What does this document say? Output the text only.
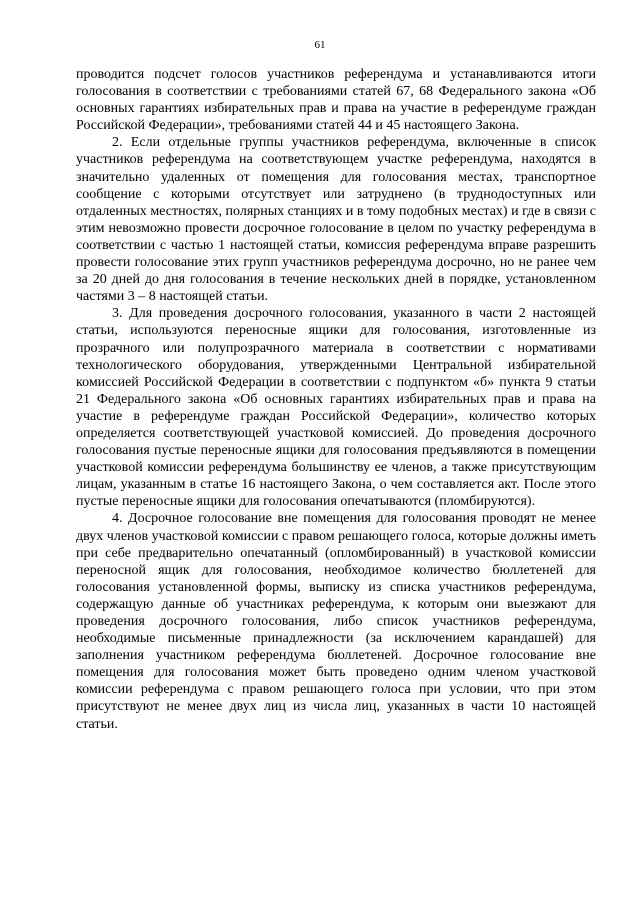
61

проводится подсчет голосов участников референдума и устанавливаются итоги голосования в соответствии с требованиями статей 67, 68 Федерального закона «Об основных гарантиях избирательных прав и права на участие в референдуме граждан Российской Федерации», требованиями статей 44 и 45 настоящего Закона.

2. Если отдельные группы участников референдума, включенные в список участников референдума на соответствующем участке референдума, находятся в значительно удаленных от помещения для голосования местах, транспортное сообщение с которыми отсутствует или затруднено (в труднодоступных или отдаленных местностях, полярных станциях и в тому подобных местах) и где в связи с этим невозможно провести досрочное голосование в целом по участку референдума в соответствии с частью 1 настоящей статьи, комиссия референдума вправе разрешить провести голосование этих групп участников референдума досрочно, но не ранее чем за 20 дней до дня голосования в течение нескольких дней в порядке, установленном частями 3 – 8 настоящей статьи.

3. Для проведения досрочного голосования, указанного в части 2 настоящей статьи, используются переносные ящики для голосования, изготовленные из прозрачного или полупрозрачного материала в соответствии с нормативами технологического оборудования, утвержденными Центральной избирательной комиссией Российской Федерации в соответствии с подпунктом «б» пункта 9 статьи 21 Федерального закона «Об основных гарантиях избирательных прав и права на участие в референдуме граждан Российской Федерации», количество которых определяется соответствующей участковой комиссией. До проведения досрочного голосования пустые переносные ящики для голосования предъявляются в помещении участковой комиссии референдума большинству ее членов, а также присутствующим лицам, указанным в статье 16 настоящего Закона, о чем составляется акт. После этого пустые переносные ящики для голосования опечатываются (пломбируются).

4. Досрочное голосование вне помещения для голосования проводят не менее двух членов участковой комиссии с правом решающего голоса, которые должны иметь при себе предварительно опечатанный (опломбированный) в участковой комиссии переносной ящик для голосования, необходимое количество бюллетеней для голосования установленной формы, выписку из списка участников референдума, содержащую данные об участниках референдума, к которым они выезжают для проведения досрочного голосования, либо список участников референдума, необходимые письменные принадлежности (за исключением карандашей) для заполнения участником референдума бюллетеней. Досрочное голосование вне помещения для голосования может быть проведено одним членом участковой комиссии референдума с правом решающего голоса при условии, что при этом присутствуют не менее двух лиц из числа лиц, указанных в части 10 настоящей статьи.
